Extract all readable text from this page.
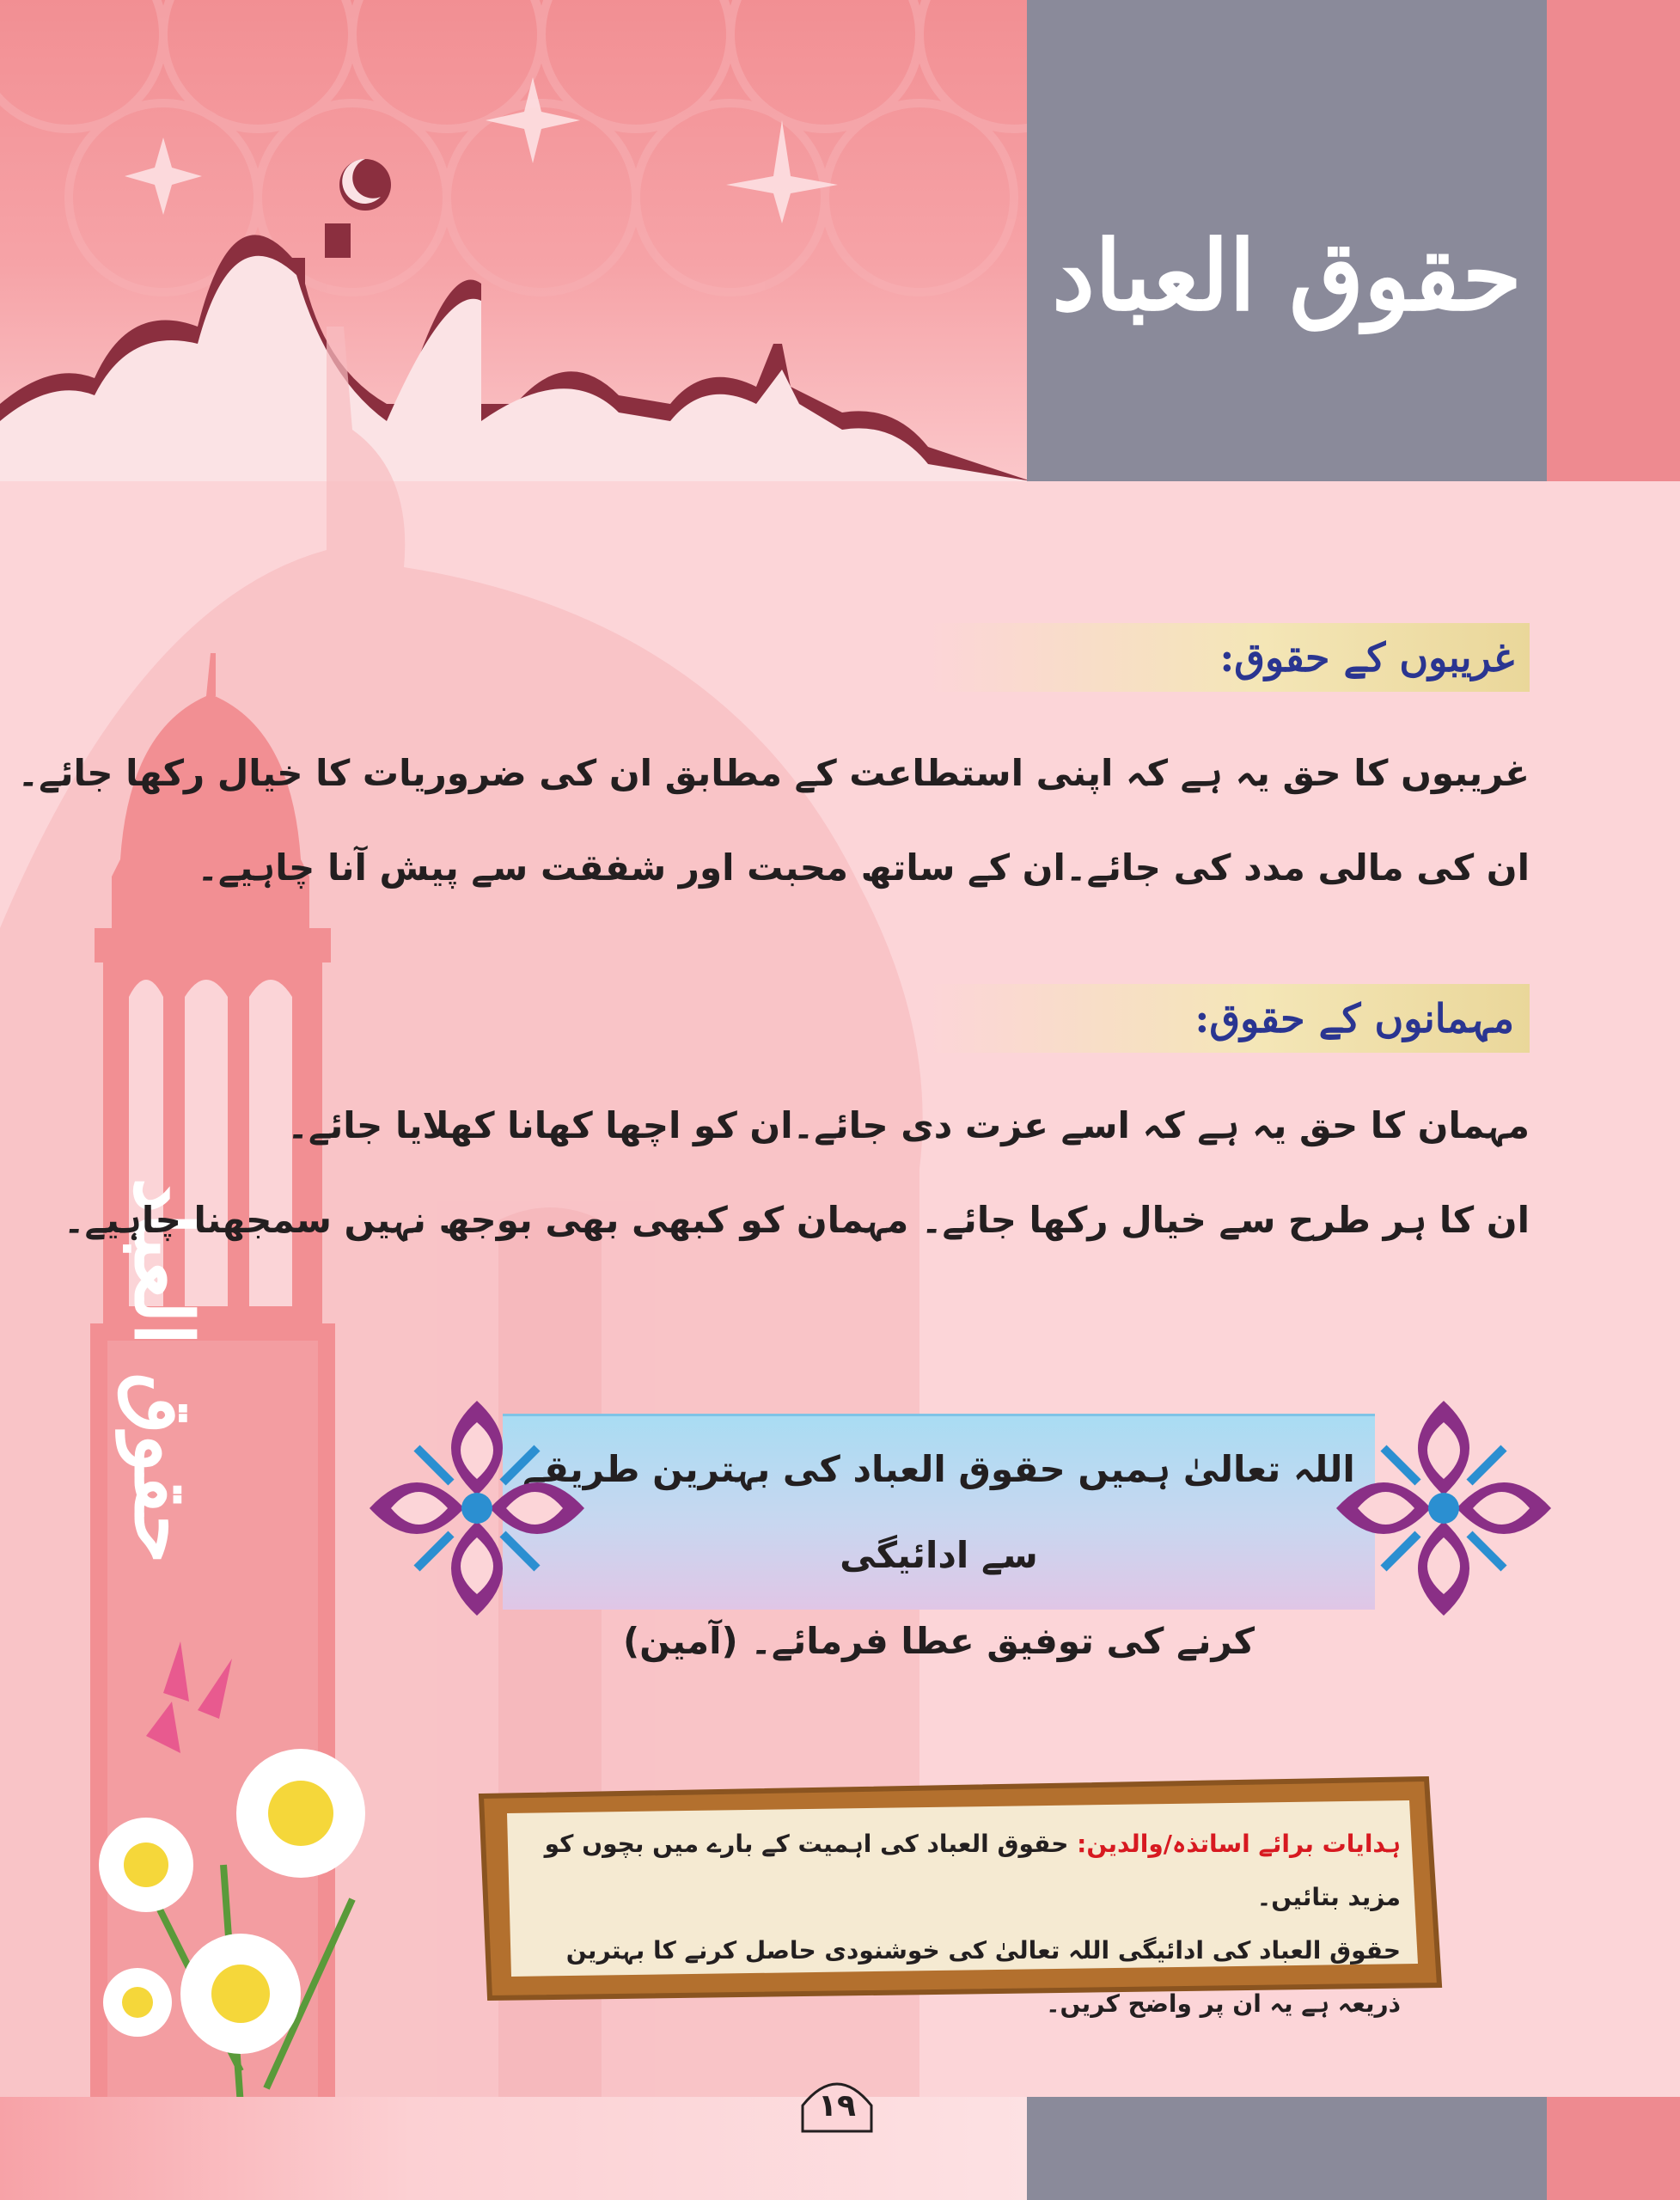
حقوق العباد
حقوق العباد
غریبوں کے حقوق:
غریبوں کا حق یہ ہے کہ اپنی استطاعت کے مطابق ان کی ضروریات کا خیال رکھا جائے۔
ان کی مالی مدد کی جائے۔ان کے ساتھ محبت اور شفقت سے پیش آنا چاہیے۔
مہمانوں کے حقوق:
مہمان کا حق یہ ہے کہ اسے عزت دی جائے۔ان کو اچھا کھانا کھلایا جائے۔
ان کا ہر طرح سے خیال رکھا جائے۔ مہمان کو کبھی بھی بوجھ نہیں سمجھنا چاہیے۔
اللہ تعالیٰ ہمیں حقوق العباد کی بہترین طریقے سے ادائیگی
کرنے کی توفیق عطا فرمائے۔ (آمین)
ہدایات برائے اساتذہ/والدین: حقوق العباد کی اہمیت کے بارے میں بچوں کو مزید بتائیں۔
حقوق العباد کی ادائیگی اللہ تعالیٰ کی خوشنودی حاصل کرنے کا بہترین ذریعہ ہے یہ ان پر واضح کریں۔
۱۹
